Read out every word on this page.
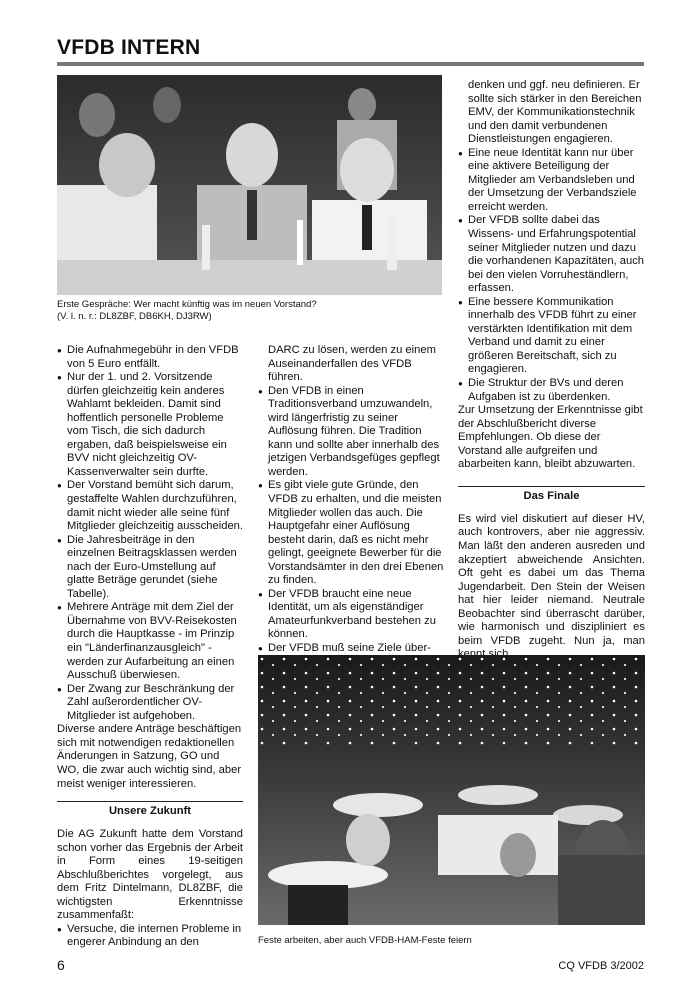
VFDB INTERN
Erste Gespräche: Wer macht künftig was im neuen Vorstand?
(V. l. n. r.: DL8ZBF, DB6KH, DJ3RW)
● Die Aufnahmegebühr in den VFDB von 5 Euro entfällt.
● Nur der 1. und 2. Vorsitzende dürfen gleichzeitig kein anderes Wahlamt bekleiden. Damit sind hoffentlich personelle Probleme vom Tisch, die sich dadurch ergaben, daß beispielsweise ein BVV nicht gleichzeitig OV-Kassenverwalter sein durfte.
● Der Vorstand bemüht sich darum, gestaffelte Wahlen durchzuführen, damit nicht wieder alle seine fünf Mitglieder gleichzeitig ausscheiden.
● Die Jahresbeiträge in den einzelnen Beitragsklassen werden nach der Euro-Umstellung auf glatte Beträge gerundet (siehe Tabelle).
● Mehrere Anträge mit dem Ziel der Übernahme von BVV-Reisekosten durch die Hauptkasse - im Prinzip ein "Länderfinanzausgleich" - werden zur Aufarbeitung an einen Ausschuß überwiesen.
● Der Zwang zur Beschränkung der Zahl außerordentlicher OV-Mitglieder ist aufgehoben.

Diverse andere Anträge beschäftigen sich mit notwendigen redaktionellen Änderungen in Satzung, GO und WO, die zwar auch wichtig sind, aber meist weniger interessieren.

Unsere Zukunft

Die AG Zukunft hatte dem Vorstand schon vorher das Ergebnis der Arbeit in Form eines 19-seitigen Abschlußberichtes vorgelegt, aus dem Fritz Dintelmann, DL8ZBF, die wichtigsten Erkenntnisse zusammenfaßt:

● Versuche, die internen Probleme in engerer Anbindung an den

DARC zu lösen, werden zu einem Auseinanderfallen des VFDB führen.

● Den VFDB in einen Traditionsverband umzuwandeln, wird längerfristig zu seiner Auflösung führen. Die Tradition kann und sollte aber innerhalb des jetzigen Verbandsgefüges gepflegt werden.
● Es gibt viele gute Gründe, den VFDB zu erhalten, und die meisten Mitglieder wollen das auch. Die Hauptgefahr einer Auflösung besteht darin, daß es nicht mehr gelingt, geeignete Bewerber für die Vorstandsämter in den drei Ebenen zu finden.
● Der VFDB braucht eine neue Identität, um als eigenständiger Amateurfunkverband bestehen zu können.
● Der VFDB muß seine Ziele über-

denken und ggf. neu definieren. Er sollte sich stärker in den Bereichen EMV, der Kommunikationstechnik und den damit verbundenen Dienstleistungen engagieren.

● Eine neue Identität kann nur über eine aktivere Beteiligung der Mitglieder am Verbandsleben und der Umsetzung der Verbandsziele erreicht werden.
● Der VFDB sollte dabei das Wissens- und Erfahrungspotential seiner Mitglieder nutzen und dazu die vorhandenen Kapazitäten, auch bei den vielen Vorruheständlern, erfassen.
● Eine bessere Kommunikation innerhalb des VFDB führt zu einer verstärkten Identifikation mit dem Verband und damit zu einer größeren Bereitschaft, sich zu engagieren.
● Die Struktur der BVs und deren Aufgaben ist zu überdenken.

Zur Umsetzung der Erkenntnisse gibt der Abschlußbericht diverse Empfehlungen. Ob diese der Vorstand alle aufgreifen und abarbeiten kann, bleibt abzuwarten.

Das Finale

Es wird viel diskutiert auf dieser HV, auch kontrovers, aber nie aggressiv. Man läßt den anderen ausreden und akzeptiert abweichende Ansichten. Oft geht es dabei um das Thema Jugendarbeit. Den Stein der Weisen hat hier leider niemand. Neutrale Beobachter sind überrascht darüber, wie harmonisch und diszipliniert es beim VFDB zugeht. Nun ja, man

Feste arbeiten, aber auch VFDB-HAM-Feste feiern
6	CQ VFDB 3/2002
